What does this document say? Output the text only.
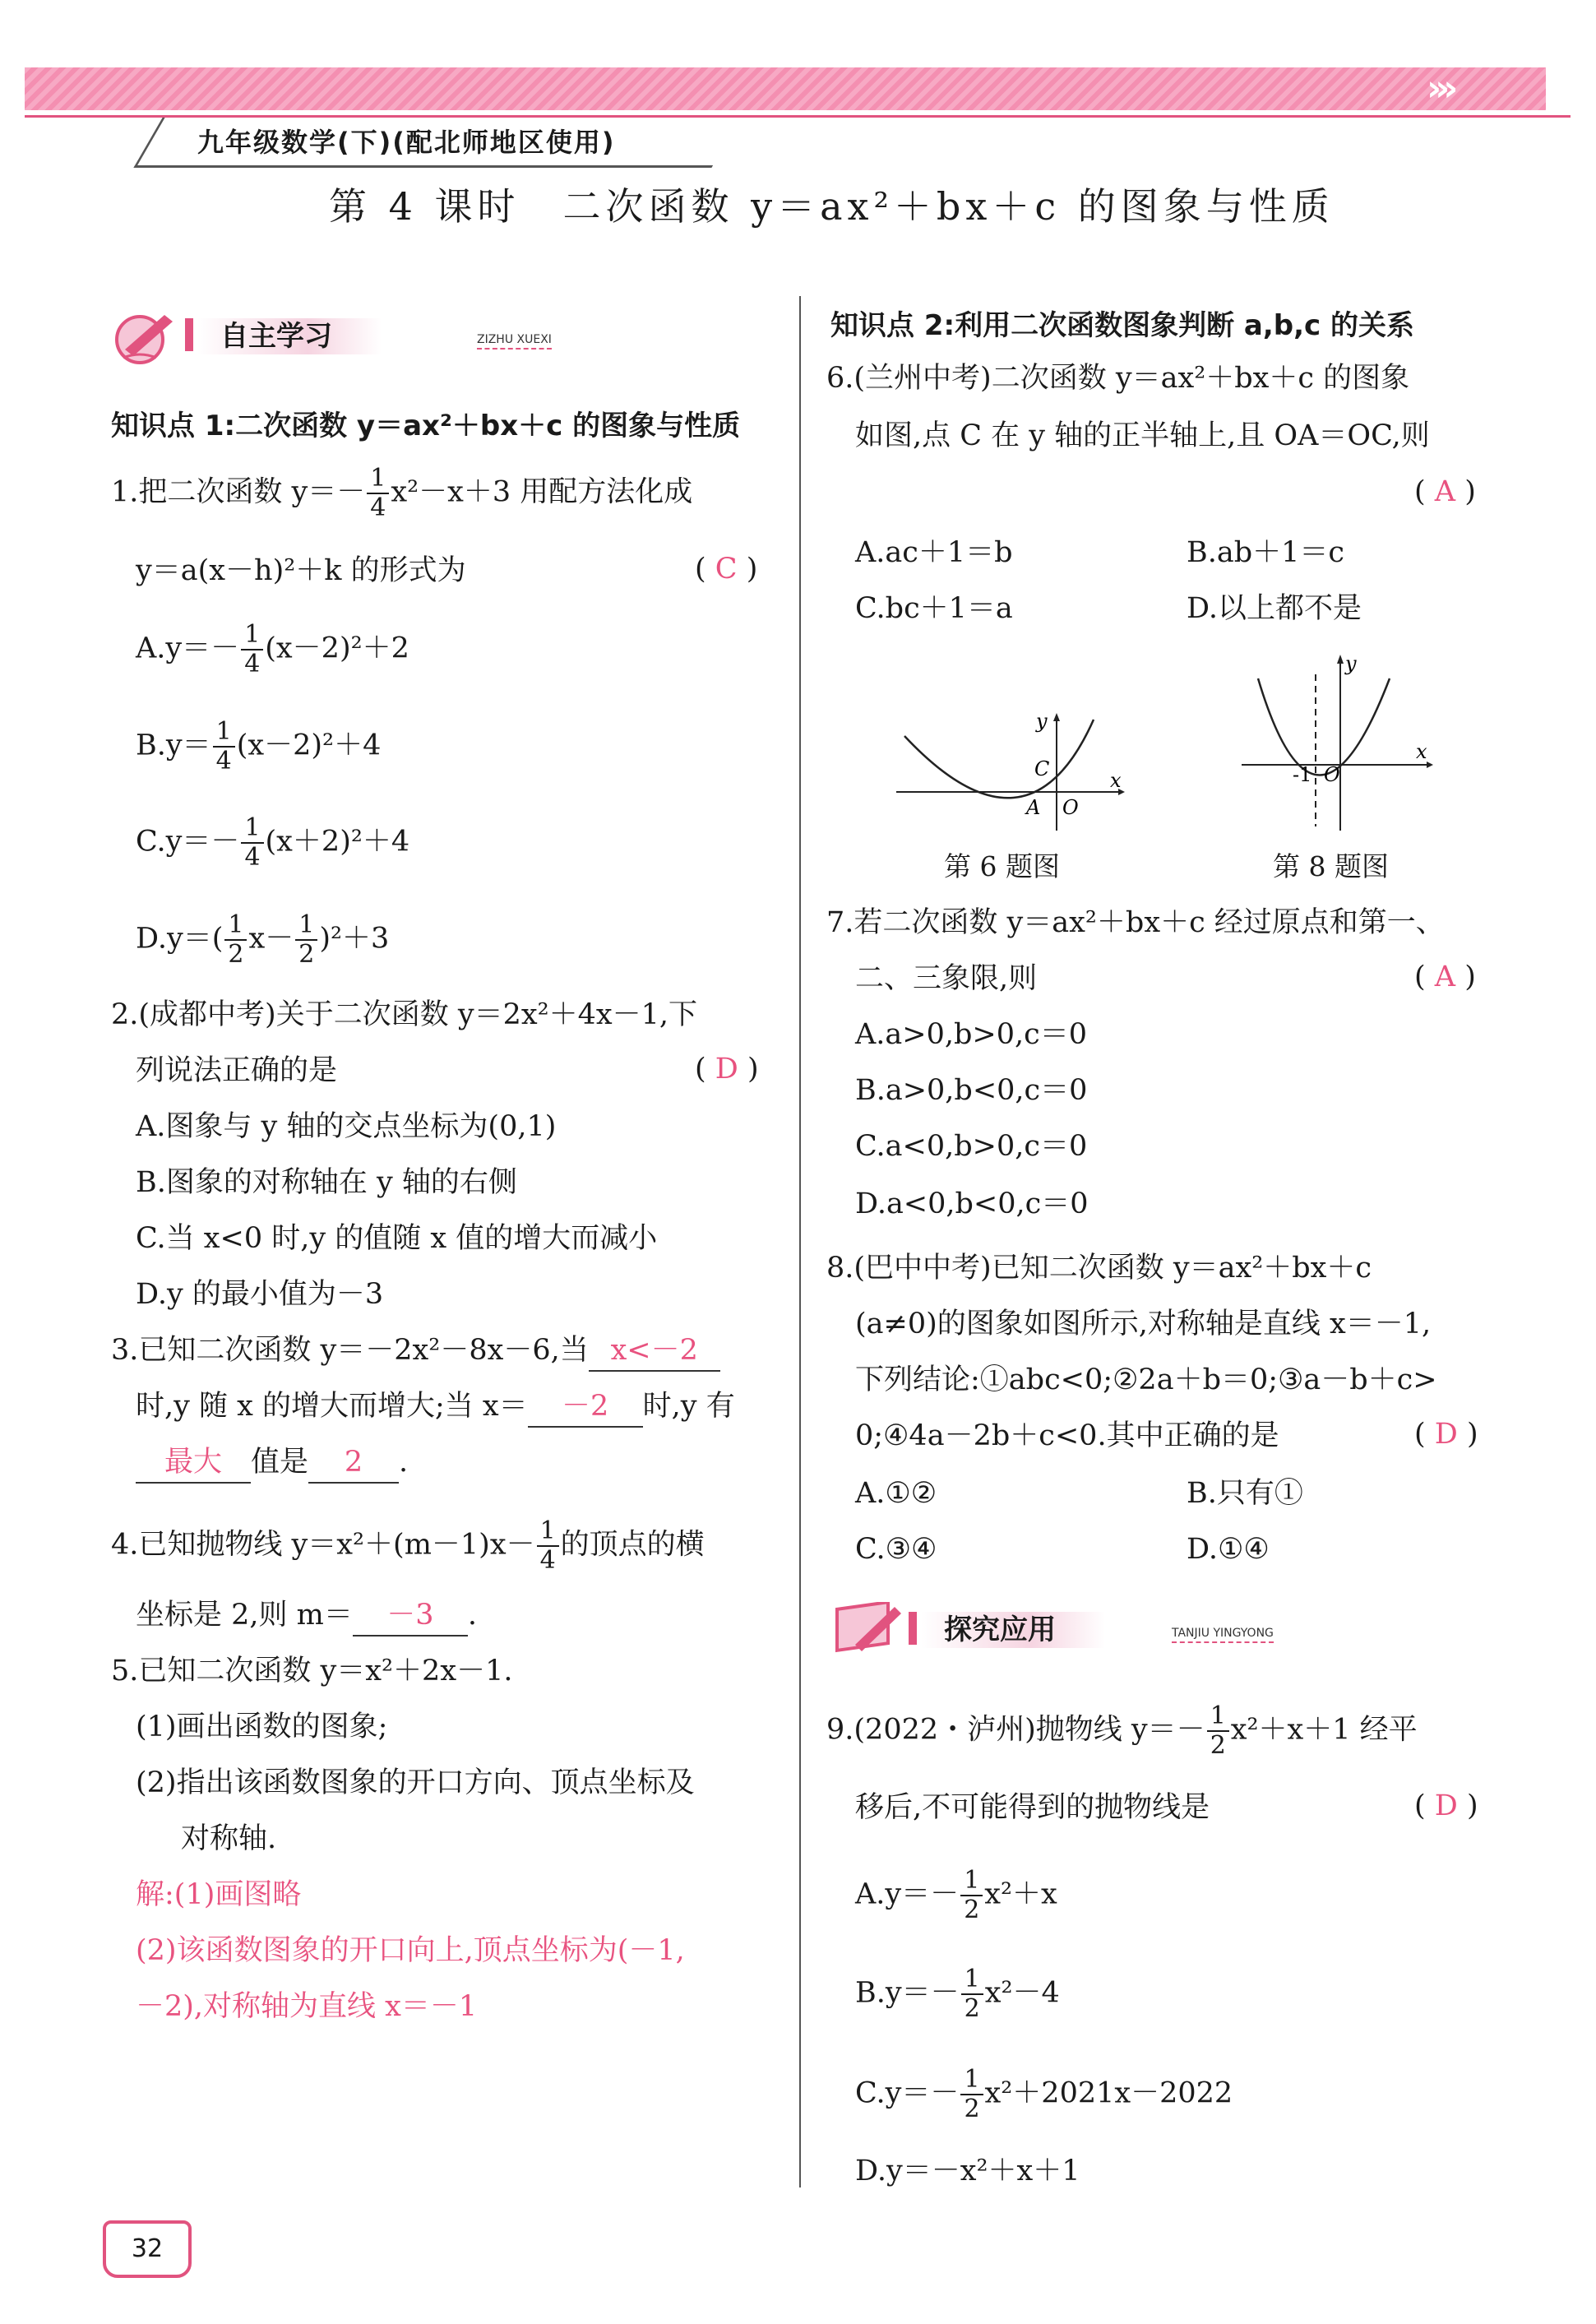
›››
九年级数学(下)(配北师地区使用)
第 4 课时　二次函数 y＝ax²＋bx＋c 的图象与性质
自主学习	ZIZHU XUEXI
知识点 1:二次函数 y＝ax²＋bx＋c 的图象与性质
1.把二次函数 $y=- \frac{1}{4} x^2-x+3$ 用配方法化成
y＝a(x－h)²＋k 的形式为	( C )
$A.y=- \frac{1}{4} (x-2)^2+2$
$B.y= \frac{1}{4} (x-2)^2+4$
$C.y=- \frac{1}{4} (x+2)^2+4$
$D.y=( \frac{1}{2} x- \frac{1}{2} )^2+3$
2.(成都中考)关于二次函数 y＝2x²＋4x－1,下
列说法正确的是	( D )
A.图象与 y 轴的交点坐标为(0,1)
B.图象的对称轴在 y 轴的右侧
C.当 x<0 时,y 的值随 x 值的增大而减小
D.y 的最小值为－3
3.已知二次函数 y＝－2x²－8x－6,当 x<－2
时,y 随 x 的增大而增大;当 x＝ －2 时,y 有
最大 值是 2 .
4.已知抛物线 $y=x^2+(m-1)x- \frac{1}{4}$ 的顶点的横
坐标是 2,则 m＝ －3 .
5.已知二次函数 y＝x²＋2x－1.
(1)画出函数的图象;
(2)指出该函数图象的开口方向、顶点坐标及
对称轴.
解:(1)画图略
(2)该函数图象的开口向上,顶点坐标为(－1,
－2),对称轴为直线 x＝－1
知识点 2:利用二次函数图象判断 a,b,c 的关系
6.(兰州中考)二次函数 y＝ax²＋bx＋c 的图象
如图,点 C 在 y 轴的正半轴上,且 OA＝OC,则
( A )
A.ac＋1＝b	B.ab＋1＝c
C.bc＋1＝a	D.以上都不是
y
x
C
A O
第 6 题图
y
x
-1 O
第 8 题图
7.若二次函数 y＝ax²＋bx＋c 经过原点和第一、
二、三象限,则	( A )
A.a>0,b>0,c＝0
B.a>0,b<0,c＝0
C.a<0,b>0,c＝0
D.a<0,b<0,c＝0
8.(巴中中考)已知二次函数 y＝ax²＋bx＋c
(a≠0)的图象如图所示,对称轴是直线 x＝－1,
下列结论:①abc<0;②2a＋b＝0;③a－b＋c>
0;④4a－2b＋c<0.其中正确的是	( D )
A.①②	B.只有①
C.③④	D.①④
探究应用	TANJIU YINGYONG
9.(2022・泸州)抛物线 $y=- \frac{1}{2} x^2+x+1$ 经平
移后,不可能得到的抛物线是	( D )
$A.y=- \frac{1}{2} x^2+x$
$B.y=- \frac{1}{2} x^2-4$
$C.y=- \frac{1}{2} x^2+2021x-2022$
D.y＝－x²＋x＋1
32
